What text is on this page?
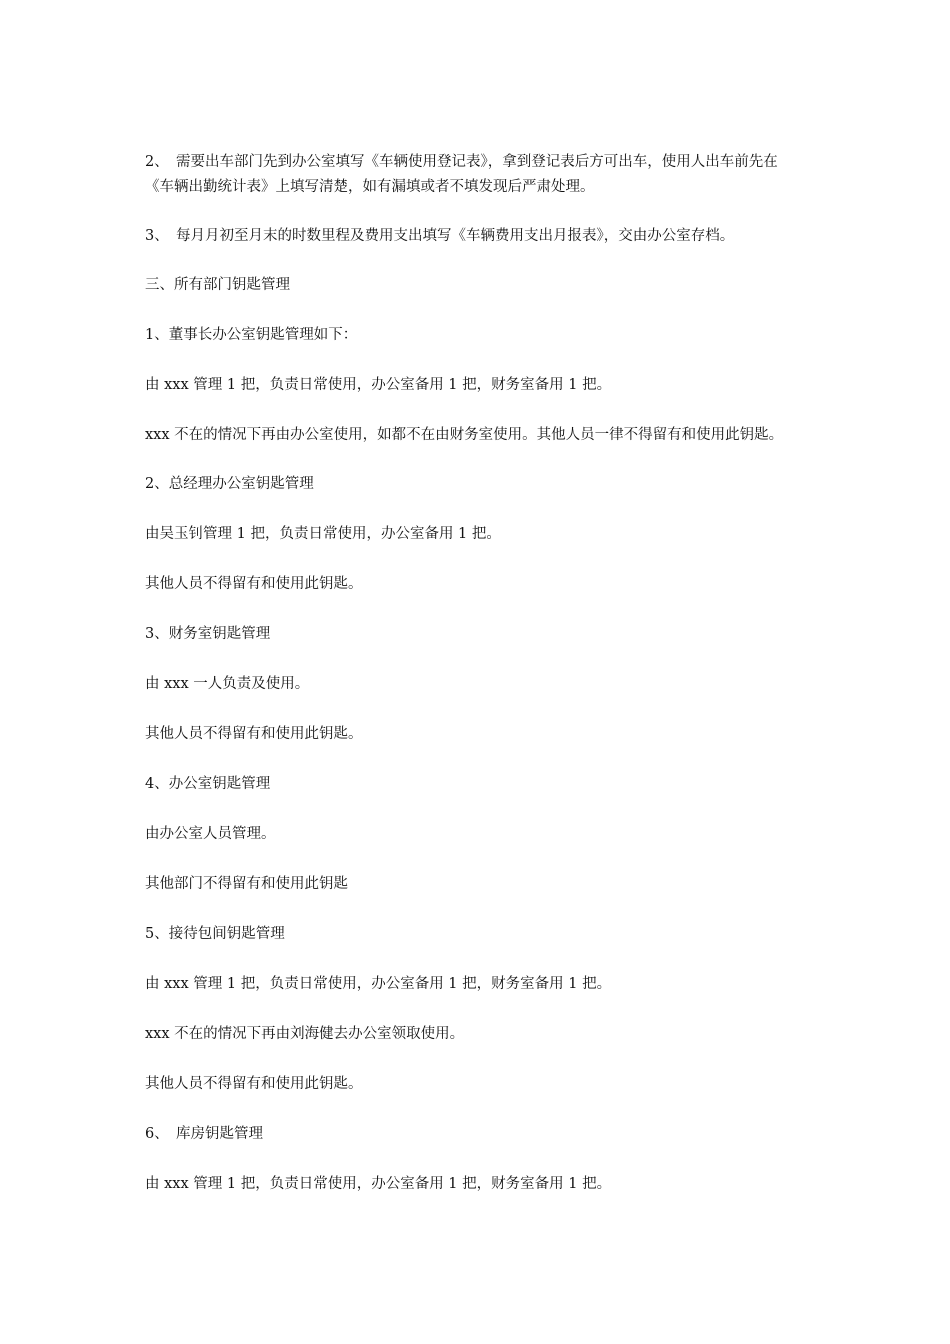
2、　需要出车部门先到办公室填写《车辆使用登记表》，拿到登记表后方可出车，使用人出车前先在《车辆出勤统计表》上填写清楚，如有漏填或者不填发现后严肃处理。

3、　每月月初至月末的时数里程及费用支出填写《车辆费用支出月报表》，交由办公室存档。

三、所有部门钥匙管理

1、董事长办公室钥匙管理如下：

由 xxx 管理 1 把，负责日常使用，办公室备用 1 把，财务室备用 1 把。

xxx 不在的情况下再由办公室使用，如都不在由财务室使用。其他人员一律不得留有和使用此钥匙。

2、总经理办公室钥匙管理

由吴玉钊管理 1 把，负责日常使用，办公室备用 1 把。

其他人员不得留有和使用此钥匙。

3、财务室钥匙管理

由 xxx 一人负责及使用。

其他人员不得留有和使用此钥匙。

4、办公室钥匙管理

由办公室人员管理。

其他部门不得留有和使用此钥匙

5、接待包间钥匙管理

由 xxx 管理 1 把，负责日常使用，办公室备用 1 把，财务室备用 1 把。

xxx 不在的情况下再由刘海健去办公室领取使用。

其他人员不得留有和使用此钥匙。

6、　库房钥匙管理

由 xxx 管理 1 把，负责日常使用，办公室备用 1 把，财务室备用 1 把。
